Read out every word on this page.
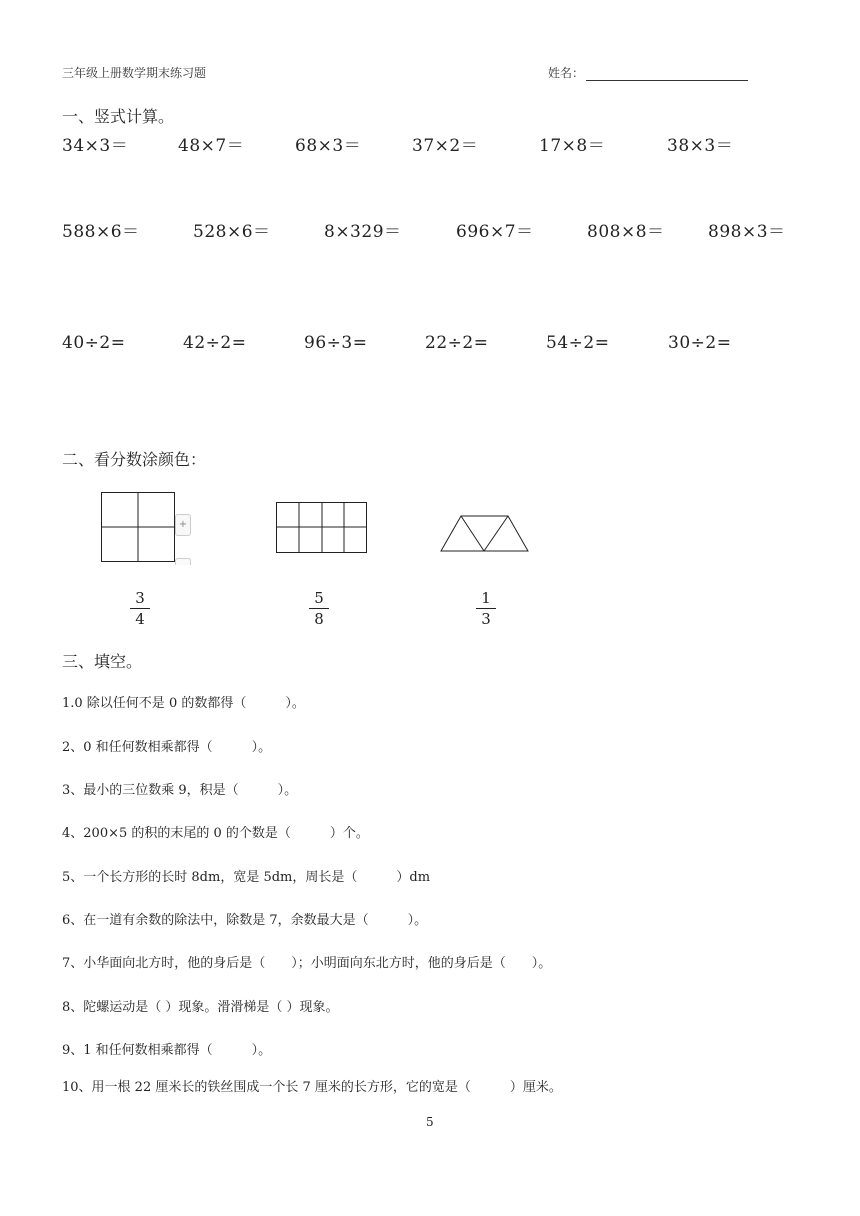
三年级上册数学期末练习题	姓名：
一、竖式计算。
34×3＝	48×7＝	68×3＝	37×2＝	17×8＝	38×3＝
588×6＝	528×6＝	8×329＝	696×7＝	808×8＝	898×3＝
40÷2=	42÷2=	96÷3=	22÷2=	54÷2=	30÷2=
二、看分数涂颜色：
+
3
4
5
8
1
3
三、填空。
1.0 除以任何不是 0 的数都得（　　　）。
2、0 和任何数相乘都得（　　　）。
3、最小的三位数乘 9，积是（　　　）。
4、200×5 的积的末尾的 0 的个数是（　　　）个。
5、一个长方形的长时 8dm，宽是 5dm，周长是（　　　）dm
6、在一道有余数的除法中，除数是 7，余数最大是（　　　）。
7、小华面向北方时，他的身后是（　　）；小明面向东北方时，他的身后是（　　）。
8、陀螺运动是（ ）现象。滑滑梯是（ ）现象。
9、1 和任何数相乘都得（　　　）。
10、用一根 22 厘米长的铁丝围成一个长 7 厘米的长方形，它的宽是（　　　）厘米。
5
